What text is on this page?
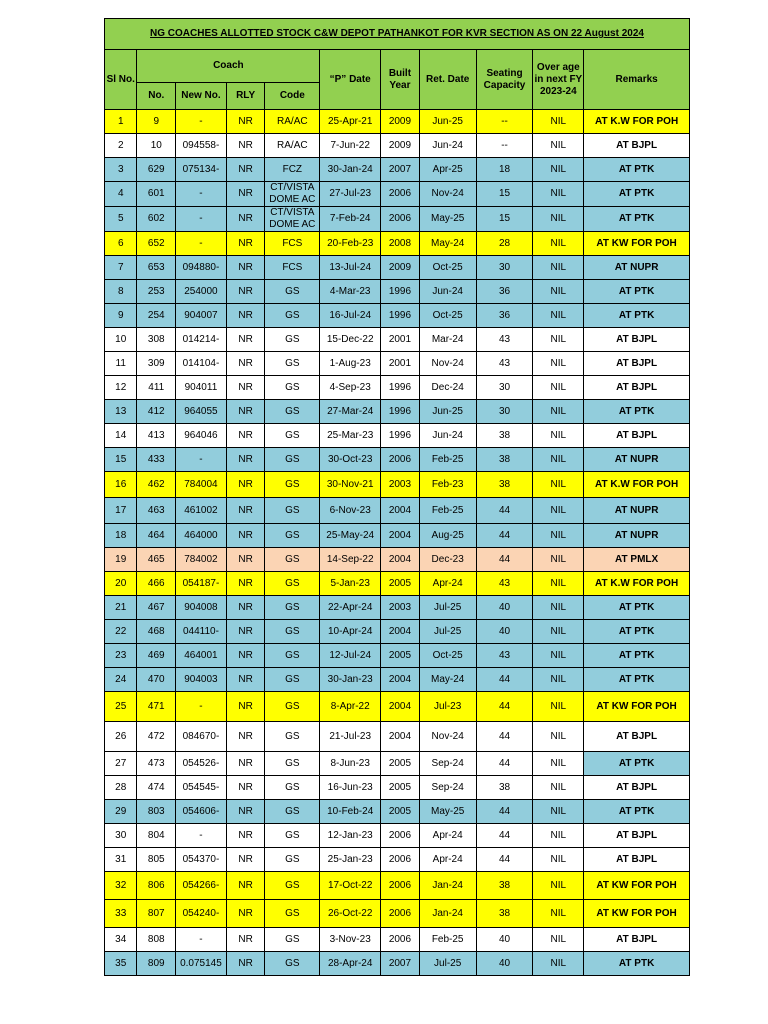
NG COACHES ALLOTTED STOCK C&W DEPOT PATHANKOT FOR KVR SECTION AS ON 22 August 2024										
Sl No.	Coach				“P” Date	Built Year	Ret. Date	Seating Capacity	Over age in next FY 2023-24	Remarks
	No.	New No.	RLY	Code						
1	9	-	NR	RA/AC	25-Apr-21	2009	Jun-25	--	NIL	AT K.W FOR POH
2	10	094558-	NR	RA/AC	7-Jun-22	2009	Jun-24	--	NIL	AT BJPL
3	629	075134-	NR	FCZ	30-Jan-24	2007	Apr-25	18	NIL	AT PTK
4	601	-	NR	CT/VISTA DOME AC	27-Jul-23	2006	Nov-24	15	NIL	AT PTK
5	602	-	NR	CT/VISTA DOME AC	7-Feb-24	2006	May-25	15	NIL	AT PTK
6	652	-	NR	FCS	20-Feb-23	2008	May-24	28	NIL	AT KW FOR POH
7	653	094880-	NR	FCS	13-Jul-24	2009	Oct-25	30	NIL	AT NUPR
8	253	254000	NR	GS	4-Mar-23	1996	Jun-24	36	NIL	AT PTK
9	254	904007	NR	GS	16-Jul-24	1996	Oct-25	36	NIL	AT PTK
10	308	014214-	NR	GS	15-Dec-22	2001	Mar-24	43	NIL	AT BJPL
11	309	014104-	NR	GS	1-Aug-23	2001	Nov-24	43	NIL	AT BJPL
12	411	904011	NR	GS	4-Sep-23	1996	Dec-24	30	NIL	AT BJPL
13	412	964055	NR	GS	27-Mar-24	1996	Jun-25	30	NIL	AT PTK
14	413	964046	NR	GS	25-Mar-23	1996	Jun-24	38	NIL	AT BJPL
15	433	-	NR	GS	30-Oct-23	2006	Feb-25	38	NIL	AT NUPR
16	462	784004	NR	GS	30-Nov-21	2003	Feb-23	38	NIL	AT K.W FOR POH
17	463	461002	NR	GS	6-Nov-23	2004	Feb-25	44	NIL	AT NUPR
18	464	464000	NR	GS	25-May-24	2004	Aug-25	44	NIL	AT NUPR
19	465	784002	NR	GS	14-Sep-22	2004	Dec-23	44	NIL	AT PMLX
20	466	054187-	NR	GS	5-Jan-23	2005	Apr-24	43	NIL	AT K.W FOR POH
21	467	904008	NR	GS	22-Apr-24	2003	Jul-25	40	NIL	AT PTK
22	468	044110-	NR	GS	10-Apr-24	2004	Jul-25	40	NIL	AT PTK
23	469	464001	NR	GS	12-Jul-24	2005	Oct-25	43	NIL	AT PTK
24	470	904003	NR	GS	30-Jan-23	2004	May-24	44	NIL	AT PTK
25	471	-	NR	GS	8-Apr-22	2004	Jul-23	44	NIL	AT KW FOR POH
26	472	084670-	NR	GS	21-Jul-23	2004	Nov-24	44	NIL	AT BJPL
27	473	054526-	NR	GS	8-Jun-23	2005	Sep-24	44	NIL	AT PTK
28	474	054545-	NR	GS	16-Jun-23	2005	Sep-24	38	NIL	AT BJPL
29	803	054606-	NR	GS	10-Feb-24	2005	May-25	44	NIL	AT PTK
30	804	-	NR	GS	12-Jan-23	2006	Apr-24	44	NIL	AT BJPL
31	805	054370-	NR	GS	25-Jan-23	2006	Apr-24	44	NIL	AT BJPL
32	806	054266-	NR	GS	17-Oct-22	2006	Jan-24	38	NIL	AT KW FOR POH
33	807	054240-	NR	GS	26-Oct-22	2006	Jan-24	38	NIL	AT KW FOR POH
34	808	-	NR	GS	3-Nov-23	2006	Feb-25	40	NIL	AT BJPL
35	809	0.075145	NR	GS	28-Apr-24	2007	Jul-25	40	NIL	AT PTK
